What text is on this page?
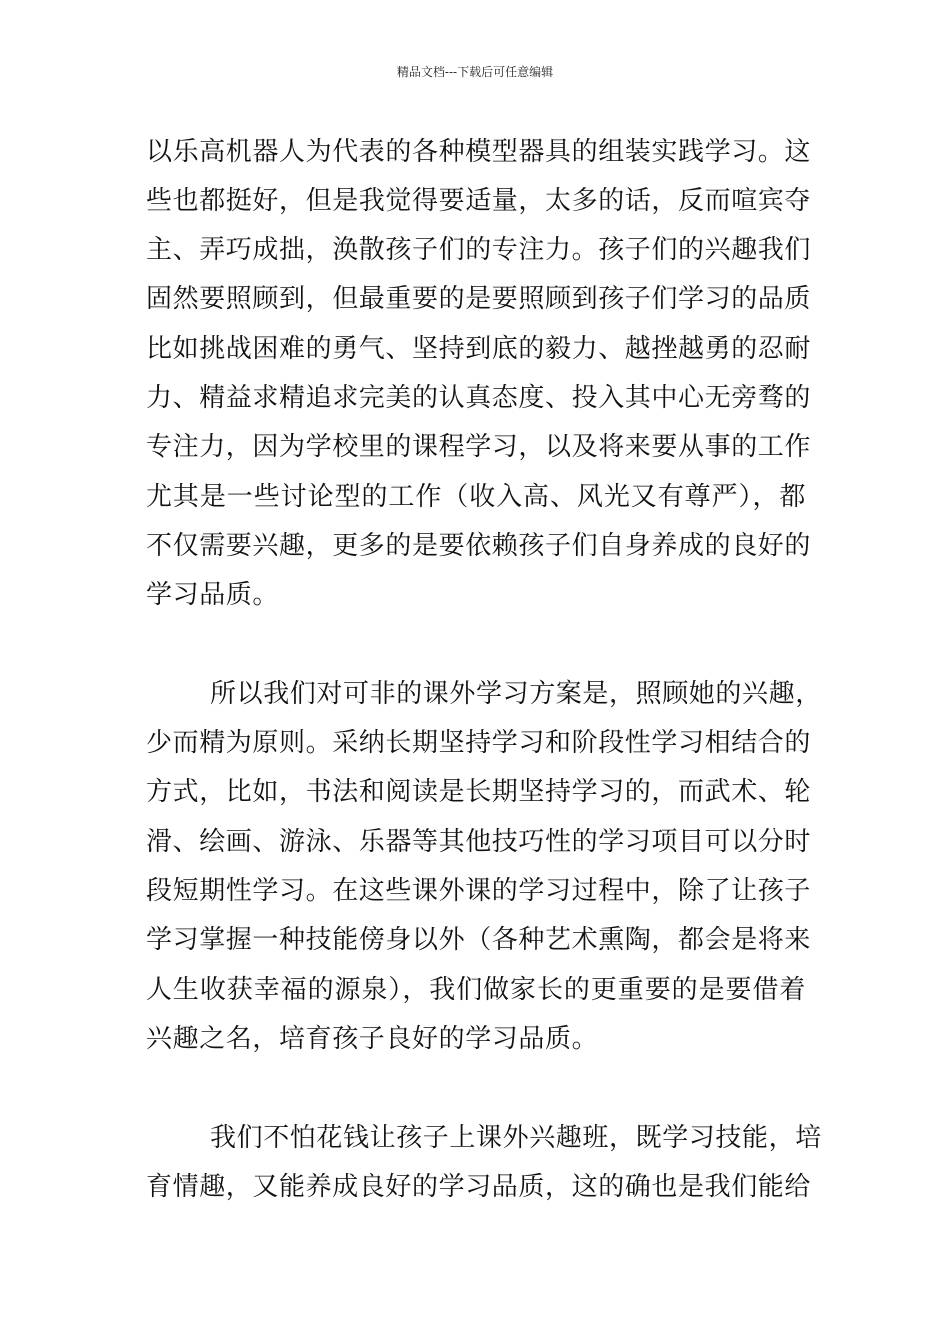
精品文档---下载后可任意编辑
以乐高机器人为代表的各种模型器具的组装实践学习。这
些也都挺好，但是我觉得要适量，太多的话，反而喧宾夺
主、弄巧成拙，涣散孩子们的专注力。孩子们的兴趣我们
固然要照顾到，但最重要的是要照顾到孩子们学习的品质
比如挑战困难的勇气、坚持到底的毅力、越挫越勇的忍耐
力、精益求精追求完美的认真态度、投入其中心无旁骛的
专注力，因为学校里的课程学习，以及将来要从事的工作
尤其是一些讨论型的工作（收入高、风光又有尊严），都
不仅需要兴趣，更多的是要依赖孩子们自身养成的良好的
学习品质。
所以我们对可非的课外学习方案是，照顾她的兴趣，
少而精为原则。采纳长期坚持学习和阶段性学习相结合的
方式，比如，书法和阅读是长期坚持学习的，而武术、轮
滑、绘画、游泳、乐器等其他技巧性的学习项目可以分时
段短期性学习。在这些课外课的学习过程中，除了让孩子
学习掌握一种技能傍身以外（各种艺术熏陶，都会是将来
人生收获幸福的源泉），我们做家长的更重要的是要借着
兴趣之名，培育孩子良好的学习品质。
我们不怕花钱让孩子上课外兴趣班，既学习技能，培
育情趣，又能养成良好的学习品质，这的确也是我们能给
